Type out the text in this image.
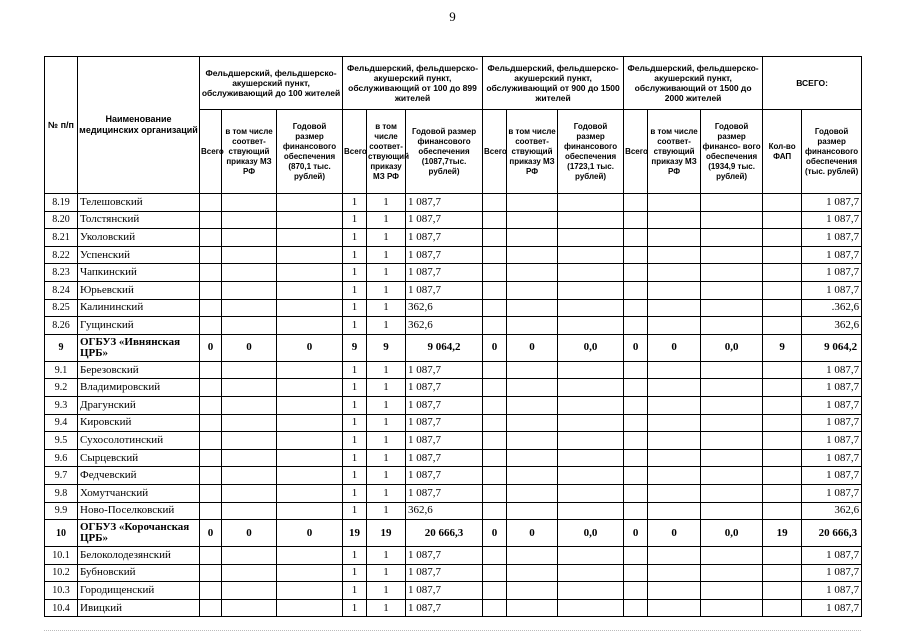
9
№ п/п	Наименование медицинских организаций	Фельдшерский, фельдшерско-акушерский пункт, обслуживающий до 100 жителей			Фельдшерский, фельдшерско-акушерский пункт, обслуживающий от 100 до 899 жителей			Фельдшерский, фельдшерско-акушерский пункт, обслуживающий от 900 до 1500 жителей			Фельдшерский, фельдшерско-акушерский пункт, обслуживающий от 1500 до 2000 жителей			ВСЕГО:	
		Всего	в том числе соответ- ствующий приказу МЗ РФ	Годовой размер финансового обеспечения (870,1 тыс. рублей)	Всего	в том числе соответ- ствующий приказу МЗ РФ	Годовой размер финансового обеспечения (1087,7тыс. рублей)	Всего	в том числе соответ- ствующий приказу МЗ РФ	Годовой размер финансового обеспечения (1723,1 тыс. рублей)	Всего	в том числе соответ- ствующий приказу МЗ РФ	Годовой размер финансо- вого обеспечения (1934,9 тыс. рублей)	Кол-во ФАП	Годовой размер финансового обеспечения (тыс. рублей)
8.19	Телешовский				1	1	1 087,7								1 087,7
8.20	Толстянский				1	1	1 087,7								1 087,7
8.21	Уколовский				1	1	1 087,7								1 087,7
8.22	Успенский				1	1	1 087,7								1 087,7
8.23	Чапкинский				1	1	1 087,7								1 087,7
8.24	Юрьевский				1	1	1 087,7								1 087,7
8.25	Калининский				1	1	362,6								.362,6
8.26	Гущинский				1	1	362,6								362,6
9	ОГБУЗ «Ивнянская ЦРБ»	0	0	0	9	9	9 064,2	0	0	0,0	0	0	0,0	9	9 064,2
9.1	Березовский				1	1	1 087,7								1 087,7
9.2	Владимировский				1	1	1 087,7								1 087,7
9.3	Драгунский				1	1	1 087,7								1 087,7
9.4	Кировский				1	1	1 087,7								1 087,7
9.5	Сухосолотинский				1	1	1 087,7								1 087,7
9.6	Сырцевский				1	1	1 087,7								1 087,7
9.7	Федчевский				1	1	1 087,7								1 087,7
9.8	Хомутчанский				1	1	1 087,7								1 087,7
9.9	Ново-Поселковский				1	1	362,6								362,6
10	ОГБУЗ «Корочанская ЦРБ»	0	0	0	19	19	20 666,3	0	0	0,0	0	0	0,0	19	20 666,3
10.1	Белоколодезянский				1	1	1 087,7								1 087,7
10.2	Бубновский				1	1	1 087,7								1 087,7
10.3	Городищенский				1	1	1 087,7								1 087,7
10.4	Ивицкий				1	1	1 087,7								1 087,7
